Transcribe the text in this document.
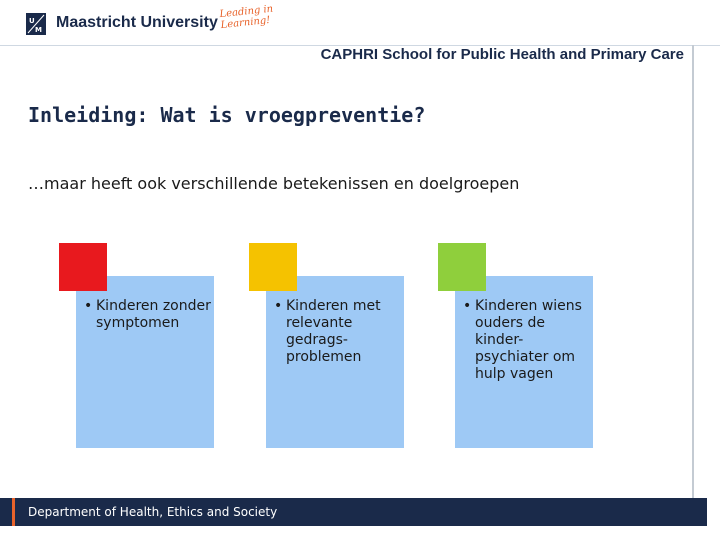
U
M Maastricht University
Leading in Learning!
CAPHRI School for Public Health and Primary Care
Inleiding: Wat is vroegpreventie?
…maar heeft ook verschillende betekenissen en doelgroepen
• Kinderen zonder symptomen
• Kinderen met relevante gedrags-problemen
• Kinderen wiens ouders de kinder-psychiater om hulp vagen
Department of Health, Ethics and Society
